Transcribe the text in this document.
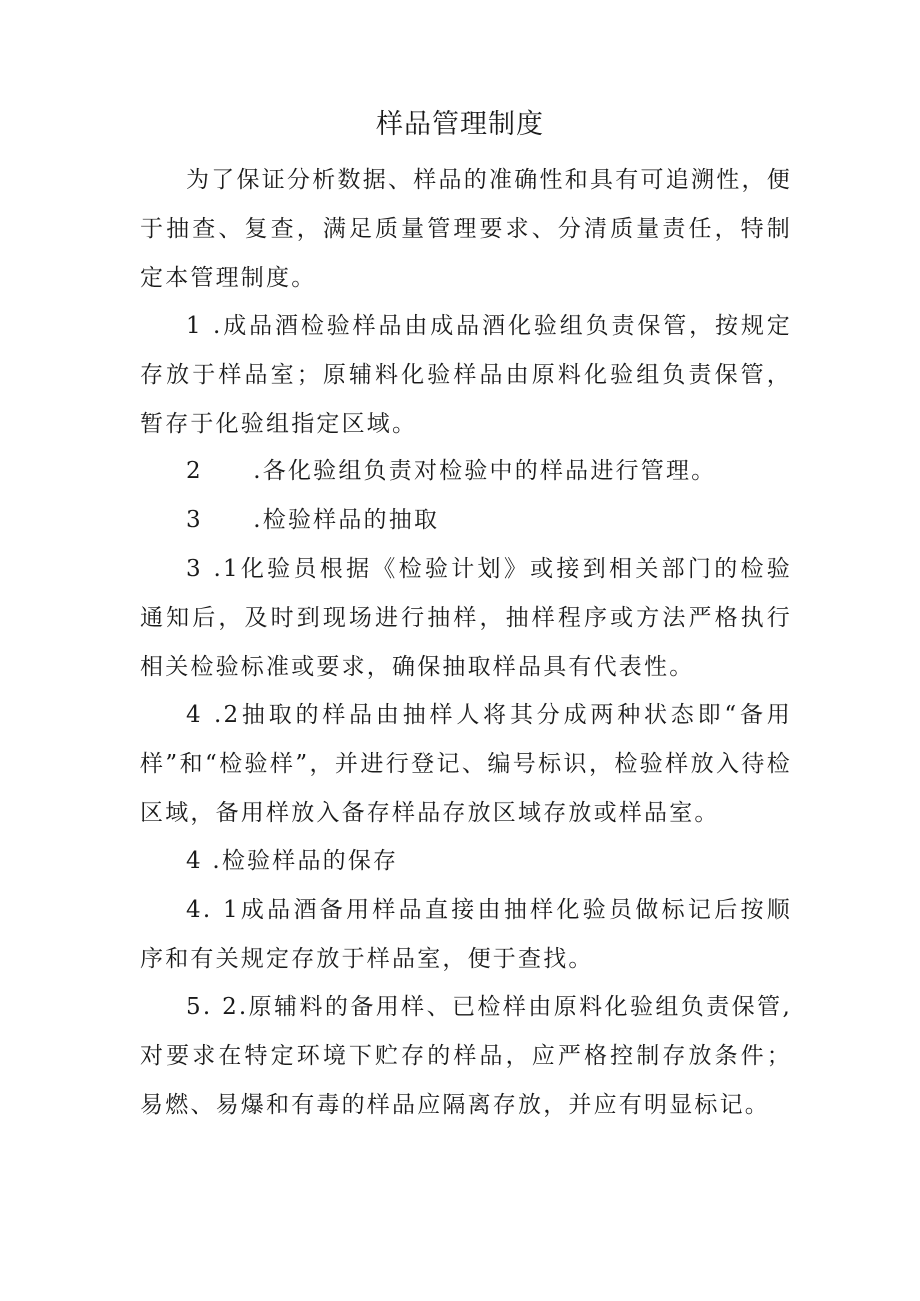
样品管理制度

为了保证分析数据、样品的准确性和具有可追溯性，便于抽查、复查，满足质量管理要求、分清质量责任，特制定本管理制度。

1 .成品酒检验样品由成品酒化验组负责保管，按规定存放于样品室；原辅料化验样品由原料化验组负责保管，暂存于化验组指定区域。

2　　.各化验组负责对检验中的样品进行管理。

3　　.检验样品的抽取

3 .1化验员根据《检验计划》或接到相关部门的检验通知后，及时到现场进行抽样，抽样程序或方法严格执行相关检验标准或要求，确保抽取样品具有代表性。

4 .2抽取的样品由抽样人将其分成两种状态即“备用样”和“检验样”，并进行登记、编号标识，检验样放入待检区域，备用样放入备存样品存放区域存放或样品室。

4 .检验样品的保存

4. 1成品酒备用样品直接由抽样化验员做标记后按顺序和有关规定存放于样品室，便于查找。

5. 2.原辅料的备用样、已检样由原料化验组负责保管,对要求在特定环境下贮存的样品，应严格控制存放条件；易燃、易爆和有毒的样品应隔离存放，并应有明显标记。
